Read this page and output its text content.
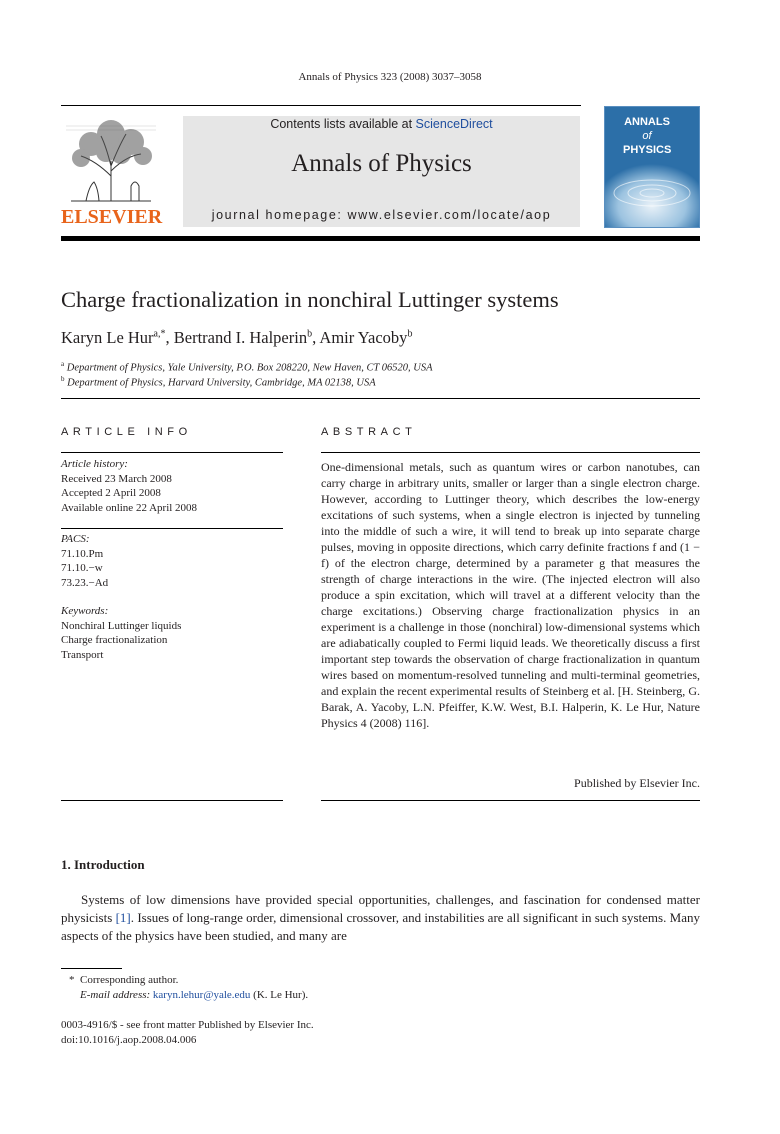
Annals of Physics 323 (2008) 3037–3058
ELSEVIER
Contents lists available at ScienceDirect
Annals of Physics
journal homepage: www.elsevier.com/locate/aop
ANNALS
of
PHYSICS
Charge fractionalization in nonchiral Luttinger systems
Karyn Le Hur$^{a,*}$, Bertrand I. Halperin$^b$, Amir Yacoby$^b$
$^a$ Department of Physics, Yale University, P.O. Box 208220, New Haven, CT 06520, USA
$^b$ Department of Physics, Harvard University, Cambridge, MA 02138, USA
ARTICLE INFO
Article history:
Received 23 March 2008
Accepted 2 April 2008
Available online 22 April 2008
PACS:
71.10.Pm
71.10.−w
73.23.−Ad
Keywords:
Nonchiral Luttinger liquids
Charge fractionalization
Transport
ABSTRACT
One-dimensional metals, such as quantum wires or carbon nanotubes, can carry charge in arbitrary units, smaller or larger than a single electron charge. However, according to Luttinger theory, which describes the low-energy excitations of such systems, when a single electron is injected by tunneling into the middle of such a wire, it will tend to break up into separate charge pulses, moving in opposite directions, which carry definite fractions f and (1 − f) of the electron charge, determined by a parameter g that measures the strength of charge interactions in the wire. (The injected electron will also produce a spin excitation, which will travel at a different velocity than the charge excitations.) Observing charge fractionalization physics in an experiment is a challenge in those (nonchiral) low-dimensional systems which are adiabatically coupled to Fermi liquid leads. We theoretically discuss a first important step towards the observation of charge fractionalization in quantum wires based on momentum-resolved tunneling and multi-terminal geometries, and explain the recent experimental results of Steinberg et al. [H. Steinberg, G. Barak, A. Yacoby, L.N. Pfeiffer, K.W. West, B.I. Halperin, K. Le Hur, Nature Physics 4 (2008) 116].
Published by Elsevier Inc.
1. Introduction
Systems of low dimensions have provided special opportunities, challenges, and fascination for condensed matter physicists [1]. Issues of long-range order, dimensional crossover, and instabilities are all significant in such systems. Many aspects of the physics have been studied, and many are
* Corresponding author.
E-mail address: karyn.lehur@yale.edu (K. Le Hur).
0003-4916/$ - see front matter Published by Elsevier Inc.
doi:10.1016/j.aop.2008.04.006
